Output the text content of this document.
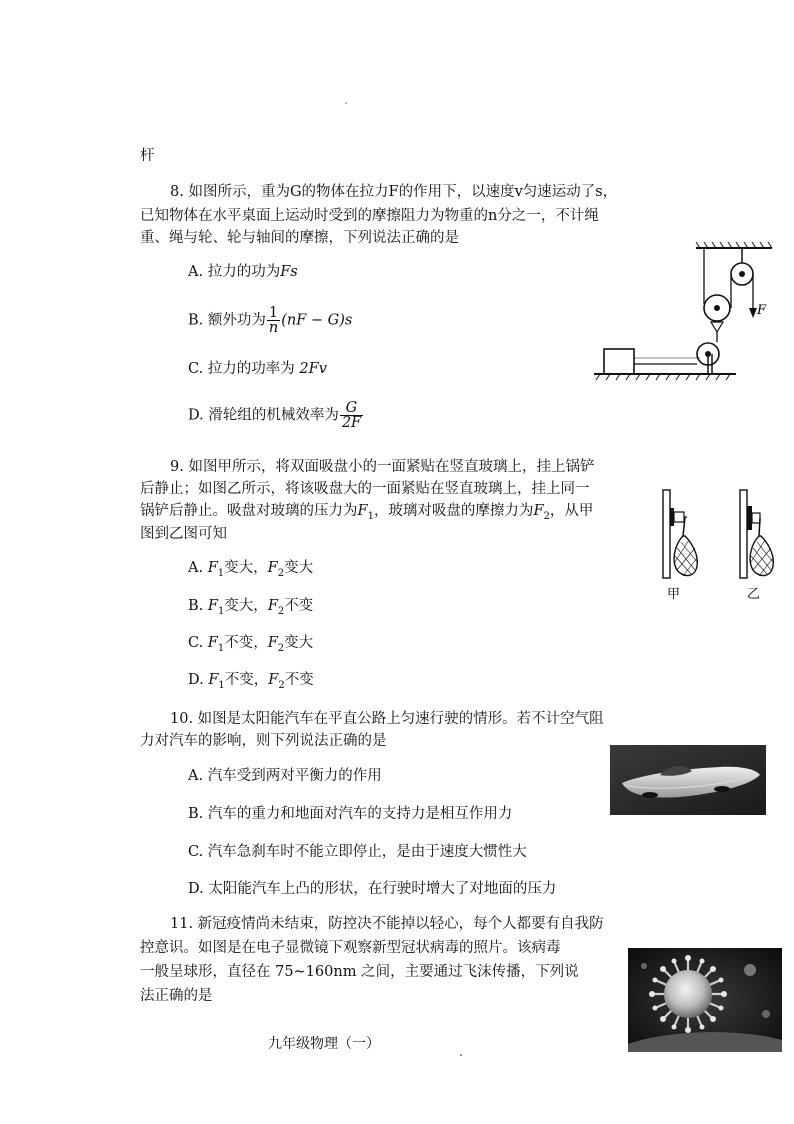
杆
8. 如图所示，重为G的物体在拉力F的作用下，以速度v匀速运动了s，
已知物体在水平桌面上运动时受到的摩擦阻力为物重的n分之一，不计绳
重、绳与轮、轮与轴间的摩擦，下列说法正确的是
A. 拉力的功为Fs
B. 额外功为 $\frac{1}{n} (nF - G)s$
C. 拉力的功率为 2Fv
D. 滑轮组的机械效率为 $\frac{G}{2F}$
F
9. 如图甲所示，将双面吸盘小的一面紧贴在竖直玻璃上，挂上锅铲
后静止；如图乙所示，将该吸盘大的一面紧贴在竖直玻璃上，挂上同一
锅铲后静止。吸盘对玻璃的压力为$F_1$，玻璃对吸盘的摩擦力为$F_2$，从甲
图到乙图可知
A. $F_1$变大，$F_2$变大
B. $F_1$变大，$F_2$不变
C. $F_1$不变，$F_2$变大
D. $F_1$不变，$F_2$不变
甲	乙
10. 如图是太阳能汽车在平直公路上匀速行驶的情形。若不计空气阻
力对汽车的影响，则下列说法正确的是
A. 汽车受到两对平衡力的作用
B. 汽车的重力和地面对汽车的支持力是相互作用力
C. 汽车急刹车时不能立即停止，是由于速度大惯性大
D. 太阳能汽车上凸的形状，在行驶时增大了对地面的压力
11. 新冠疫情尚未结束，防控决不能掉以轻心，每个人都要有自我防
控意识。如图是在电子显微镜下观察新型冠状病毒的照片。该病毒
一般呈球形，直径在 75~160nm 之间，主要通过飞沫传播，下列说
法正确的是
九年级物理（一）
